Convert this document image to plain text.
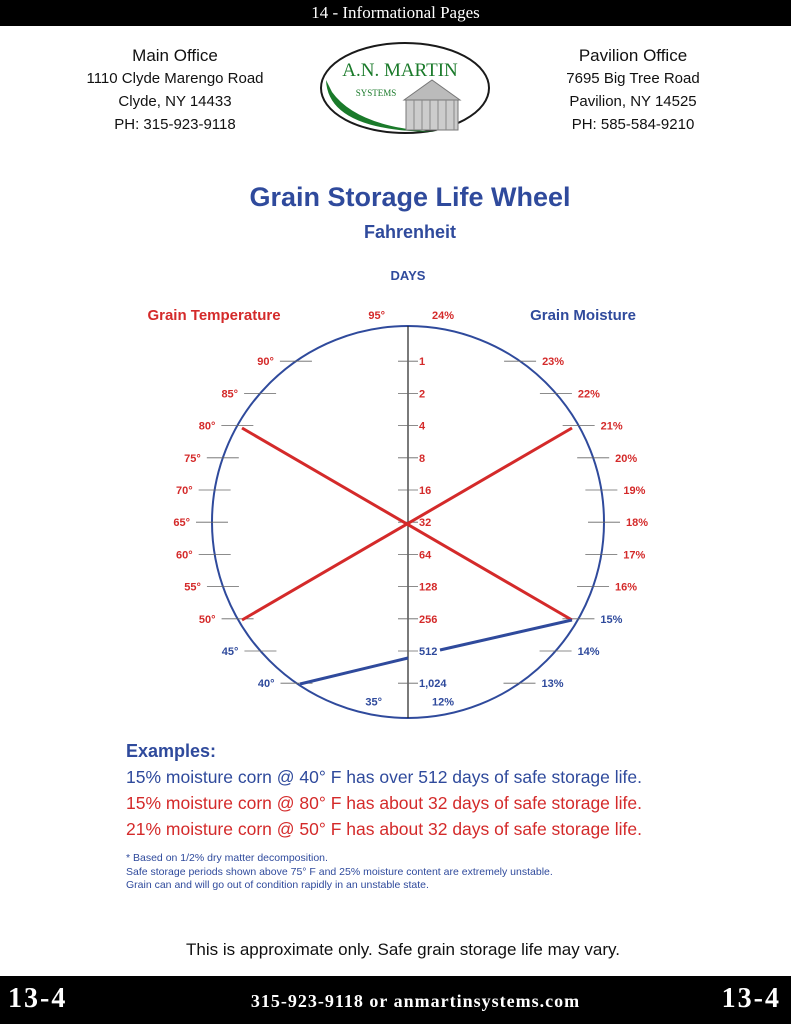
14 - Informational Pages
Main Office
1110 Clyde Marengo Road
Clyde, NY 14433
PH: 315-923-9118
A.N. MARTIN
SYSTEMS
Pavilion Office
7695 Big Tree Road
Pavilion, NY 14525
PH: 585-584-9210
Grain Storage Life Wheel
Fahrenheit
DAYS
Grain Temperature	Grain Moisture
95°
90°
85°
80°
75°
70°
65°
60°
55°
50°
45°
40°
35°
24%
23%
22%
21%
20%
19%
18%
17%
16%
15%
14%
13%
12%
1
2
4
8
16
32
64
128
256
512
1,024
Examples:
15% moisture corn @ 40° F has over 512 days of safe storage life.
15% moisture corn @ 80° F has about 32 days of safe storage life.
21% moisture corn @ 50° F has about 32 days of safe storage life.
* Based on 1/2% dry matter decomposition.
Safe storage periods shown above 75° F and 25% moisture content are extremely unstable.
Grain can and will go out of condition rapidly in an unstable state.
This is approximate only. Safe grain storage life may vary.
13-4	315-923-9118 or anmartinsystems.com	13-4
